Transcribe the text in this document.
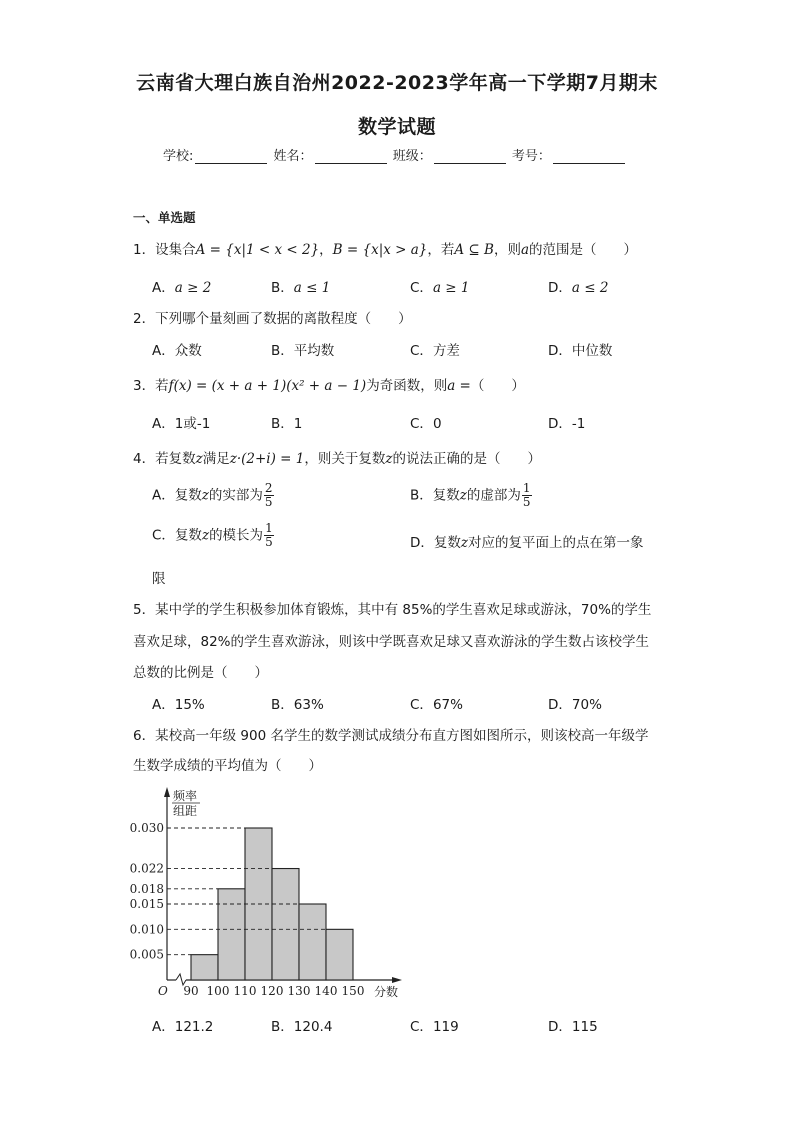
云南省大理白族自治州2022-2023学年高一下学期7月期末
数学试题
学校:	姓名：	班级：	考号：
一、单选题
1．设集合A = {x|1 < x < 2}，B = {x|x > a}，若A ⊆ B，则a的范围是（　　）
A．a ≥ 2	B．a ≤ 1	C．a ≥ 1	D．a ≤ 2
2．下列哪个量刻画了数据的离散程度（　　）
A．众数	B．平均数	C．方差	D．中位数
3．若f(x) = (x + a + 1)(x² + a − 1)为奇函数，则a =（　　）
A．1或-1	B．1	C．0	D．-1
4．若复数z满足z·(2+i) = 1，则关于复数z的说法正确的是（　　）
A．复数z的实部为 $\frac{2}{5}$	B．复数z的虚部为 $\frac{1}{5}$
C．复数z的模长为 $\frac{1}{5}$	D．复数z对应的复平面上的点在第一象
限
5．某中学的学生积极参加体育锻炼，其中有 85%的学生喜欢足球或游泳，70%的学生
喜欢足球，82%的学生喜欢游泳，则该中学既喜欢足球又喜欢游泳的学生数占该校学生
总数的比例是（　　）
A．15%	B．63%	C．67%	D．70%
6．某校高一年级 900 名学生的数学测试成绩分布直方图如图所示，则该校高一年级学
生数学成绩的平均值为（　　）
频率
组距
0.005
0.010
0.015
0.018
0.022
0.030
90 100 110 120 130 140 150
O	分数
A．121.2	B．120.4	C．119	D．115
